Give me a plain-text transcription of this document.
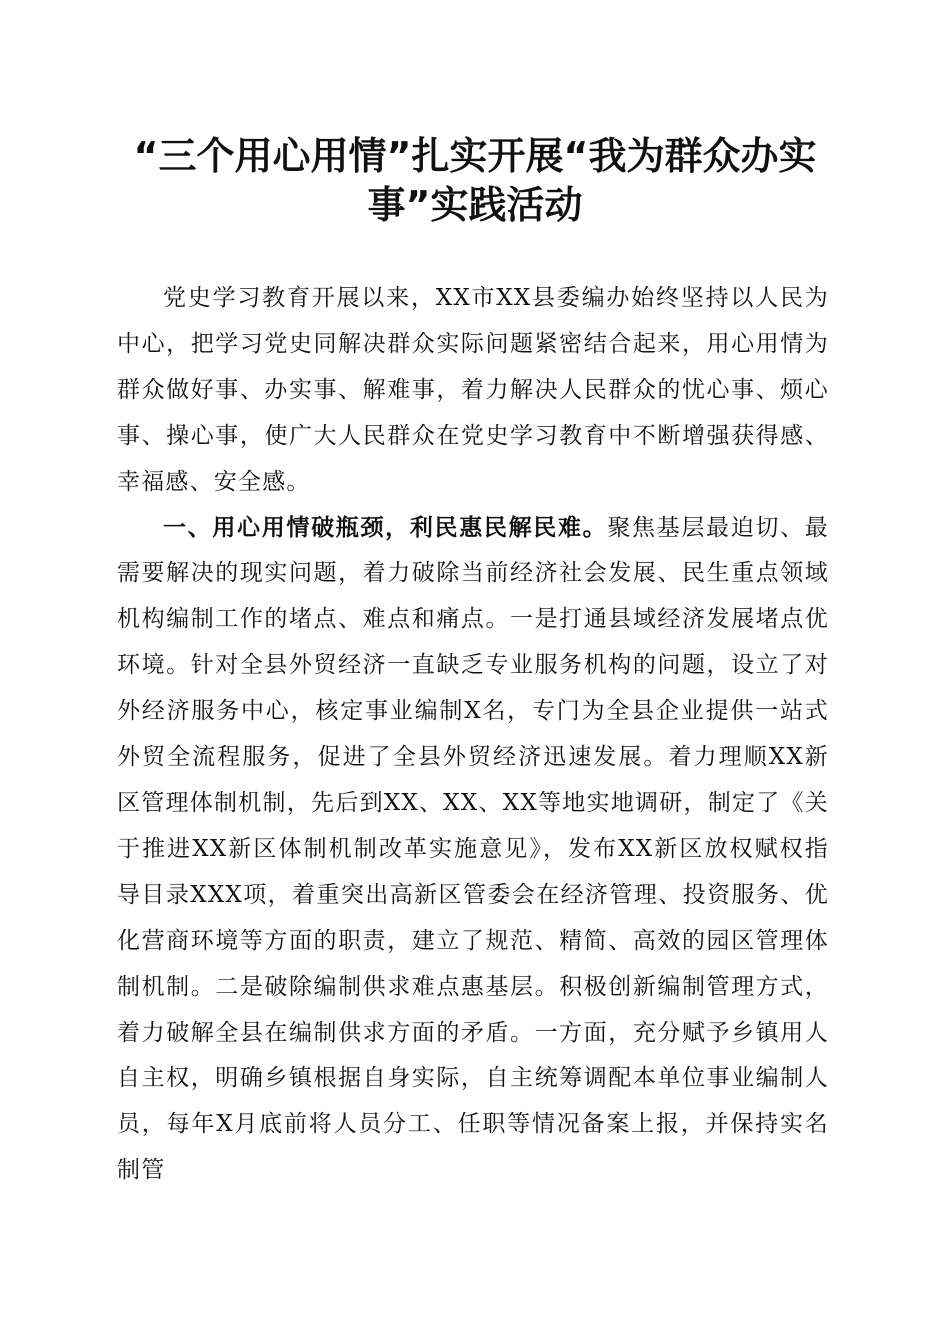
“三个用心用情”扎实开展“我为群众办实事”实践活动

党史学习教育开展以来，XX市XX县委编办始终坚持以人民为中心，把学习党史同解决群众实际问题紧密结合起来，用心用情为群众做好事、办实事、解难事，着力解决人民群众的忧心事、烦心事、操心事，使广大人民群众在党史学习教育中不断增强获得感、幸福感、安全感。

一、用心用情破瓶颈，利民惠民解民难。聚焦基层最迫切、最需要解决的现实问题，着力破除当前经济社会发展、民生重点领域机构编制工作的堵点、难点和痛点。一是打通县域经济发展堵点优环境。针对全县外贸经济一直缺乏专业服务机构的问题，设立了对外经济服务中心，核定事业编制X名，专门为全县企业提供一站式外贸全流程服务，促进了全县外贸经济迅速发展。着力理顺XX新区管理体制机制，先后到XX、XX、XX等地实地调研，制定了《关于推进XX新区体制机制改革实施意见》，发布XX新区放权赋权指导目录XXX项，着重突出高新区管委会在经济管理、投资服务、优化营商环境等方面的职责，建立了规范、精简、高效的园区管理体制机制。二是破除编制供求难点惠基层。积极创新编制管理方式，着力破解全县在编制供求方面的矛盾。一方面，充分赋予乡镇用人自主权，明确乡镇根据自身实际，自主统筹调配本单位事业编制人员，每年X月底前将人员分工、任职等情况备案上报，并保持实名制管
